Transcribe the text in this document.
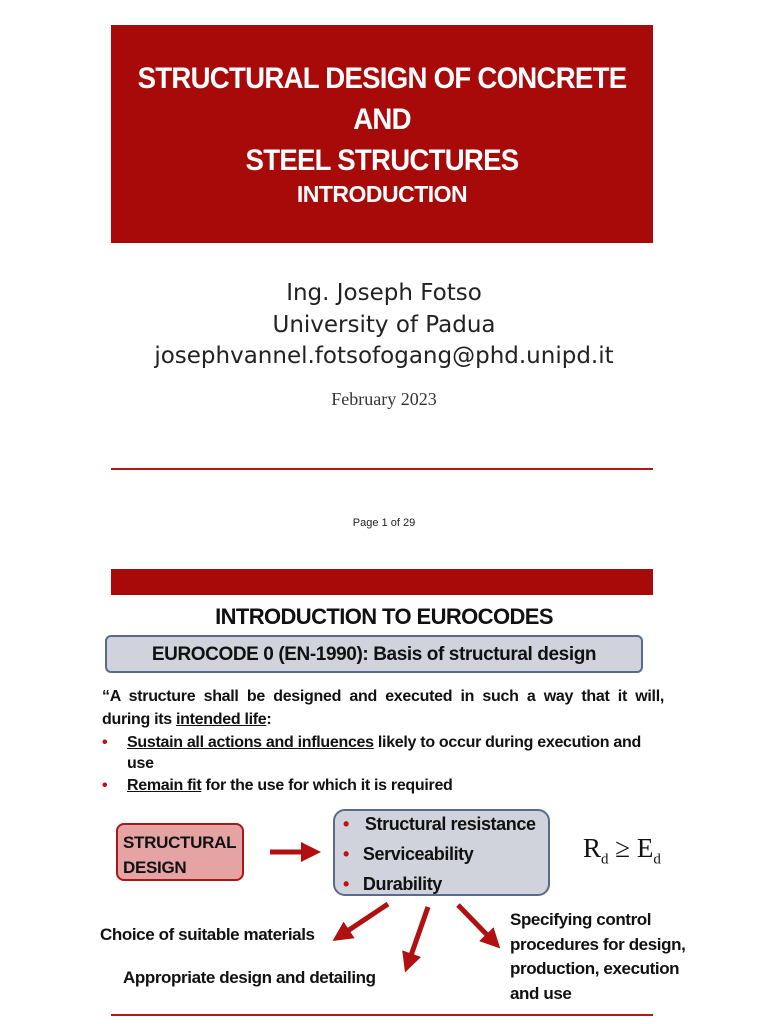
STRUCTURAL DESIGN OF CONCRETE AND
STEEL STRUCTURES
INTRODUCTION
Ing. Joseph Fotso
University of Padua
josephvannel.fotsofogang@phd.unipd.it
February 2023
Page 1 of 29
INTRODUCTION TO EUROCODES
EUROCODE 0 (EN-1990): Basis of structural design
“A structure shall be designed and executed in such a way that it will,
during its intended life:
• Sustain all actions and influences likely to occur during execution and
use
• Remain fit for the use for which it is required
STRUCTURAL
DESIGN
• Structural resistance
• Serviceability
• Durability
$R_d \ge E_d$
Choice of suitable materials
Appropriate design and detailing
Specifying control
procedures for design,
production, execution
and use
